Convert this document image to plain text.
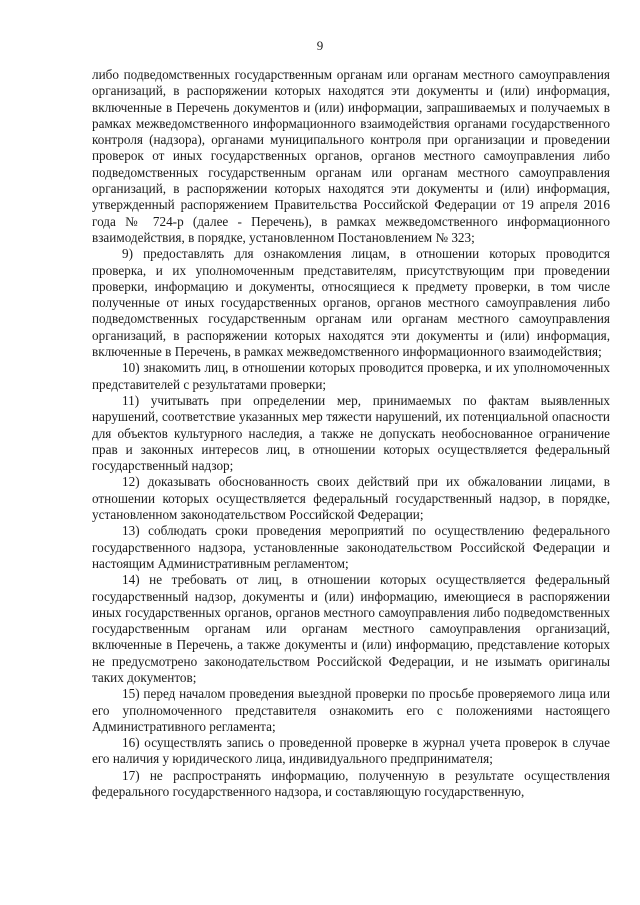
9

либо подведомственных государственным органам или органам местного самоуправления организаций, в распоряжении которых находятся эти документы и (или) информация, включенные в Перечень документов и (или) информации, запрашиваемых и получаемых в рамках межведомственного информационного взаимодействия органами государственного контроля (надзора), органами муниципального контроля при организации и проведении проверок от иных государственных органов, органов местного самоуправления либо подведомственных государственным органам или органам местного самоуправления организаций, в распоряжении которых находятся эти документы и (или) информация, утвержденный распоряжением Правительства Российской Федерации от 19 апреля 2016 года № 724-р (далее - Перечень), в рамках межведомственного информационного взаимодействия, в порядке, установленном Постановлением № 323;

9) предоставлять для ознакомления лицам, в отношении которых проводится проверка, и их уполномоченным представителям, присутствующим при проведении проверки, информацию и документы, относящиеся к предмету проверки, в том числе полученные от иных государственных органов, органов местного самоуправления либо подведомственных государственным органам или органам местного самоуправления организаций, в распоряжении которых находятся эти документы и (или) информация, включенные в Перечень, в рамках межведомственного информационного взаимодействия;

10) знакомить лиц, в отношении которых проводится проверка, и их уполномоченных представителей с результатами проверки;

11) учитывать при определении мер, принимаемых по фактам выявленных нарушений, соответствие указанных мер тяжести нарушений, их потенциальной опасности для объектов культурного наследия, а также не допускать необоснованное ограничение прав и законных интересов лиц, в отношении которых осуществляется федеральный государственный надзор;

12) доказывать обоснованность своих действий при их обжаловании лицами, в отношении которых осуществляется федеральный государственный надзор, в порядке, установленном законодательством Российской Федерации;

13) соблюдать сроки проведения мероприятий по осуществлению федерального государственного надзора, установленные законодательством Российской Федерации и настоящим Административным регламентом;

14) не требовать от лиц, в отношении которых осуществляется федеральный государственный надзор, документы и (или) информацию, имеющиеся в распоряжении иных государственных органов, органов местного самоуправления либо подведомственных государственным органам или органам местного самоуправления организаций, включенные в Перечень, а также документы и (или) информацию, представление которых не предусмотрено законодательством Российской Федерации, и не изымать оригиналы таких документов;

15) перед началом проведения выездной проверки по просьбе проверяемого лица или его уполномоченного представителя ознакомить его с положениями настоящего Административного регламента;

16) осуществлять запись о проведенной проверке в журнал учета проверок в случае его наличия у юридического лица, индивидуального предпринимателя;

17) не распространять информацию, полученную в результате осуществления федерального государственного надзора, и составляющую государственную,
